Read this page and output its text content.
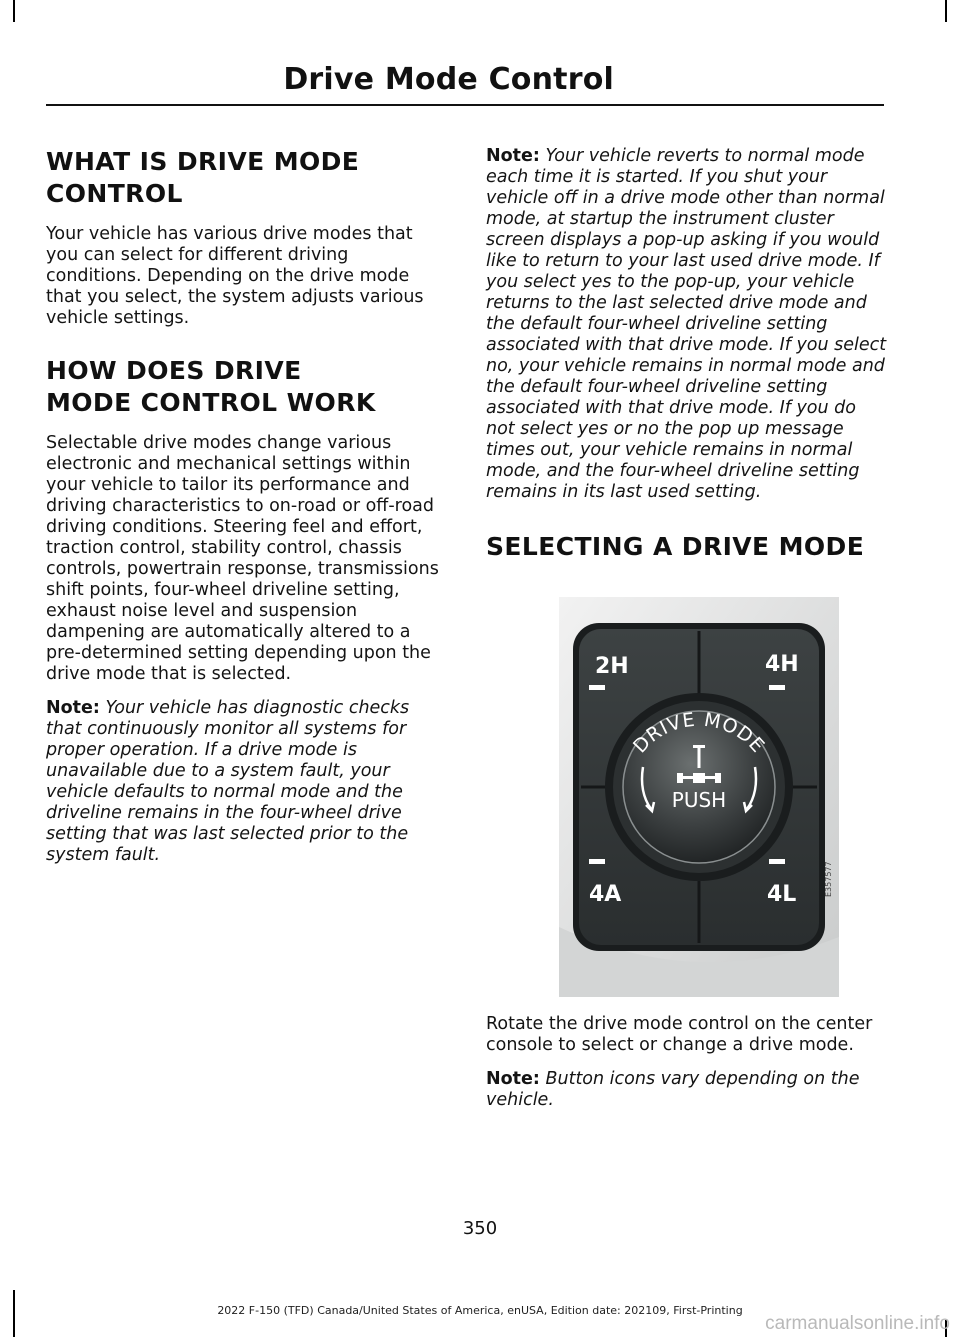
Drive Mode Control
WHAT IS DRIVE MODE CONTROL

Your vehicle has various drive modes that you can select for different driving conditions. Depending on the drive mode that you select, the system adjusts various vehicle settings.

HOW DOES DRIVE MODE CONTROL WORK

Selectable drive modes change various electronic and mechanical settings within your vehicle to tailor its performance and driving characteristics to on-road or off-road driving conditions. Steering feel and effort, traction control, stability control, chassis controls, powertrain response, transmissions shift points, four-wheel driveline setting, exhaust noise level and suspension dampening are automatically altered to a pre-determined setting depending upon the drive mode that is selected.

Note: Your vehicle has diagnostic checks that continuously monitor all systems for proper operation. If a drive mode is unavailable due to a system fault, your vehicle defaults to normal mode and the driveline remains in the four-wheel drive setting that was last selected prior to the system fault.

Note: Your vehicle reverts to normal mode each time it is started. If you shut your vehicle off in a drive mode other than normal mode, at startup the instrument cluster screen displays a pop-up asking if you would like to return to your last used drive mode. If you select yes to the pop-up, your vehicle returns to the last selected drive mode and the default four-wheel driveline setting associated with that drive mode. If you select no, your vehicle remains in normal mode and the default four-wheel driveline setting associated with that drive mode. If you do not select yes or no the pop up message times out, your vehicle remains in normal mode, and the four-wheel driveline setting remains in its last used setting.

SELECTING A DRIVE MODE
2H	4H
4A	4L
DRIVE MODE
PUSH
E357577

Rotate the drive mode control on the center console to select or change a drive mode.

Note: Button icons vary depending on the vehicle.

350

2022 F-150 (TFD) Canada/United States of America, enUSA, Edition date: 202109, First-Printing

carmanualsonline.info
